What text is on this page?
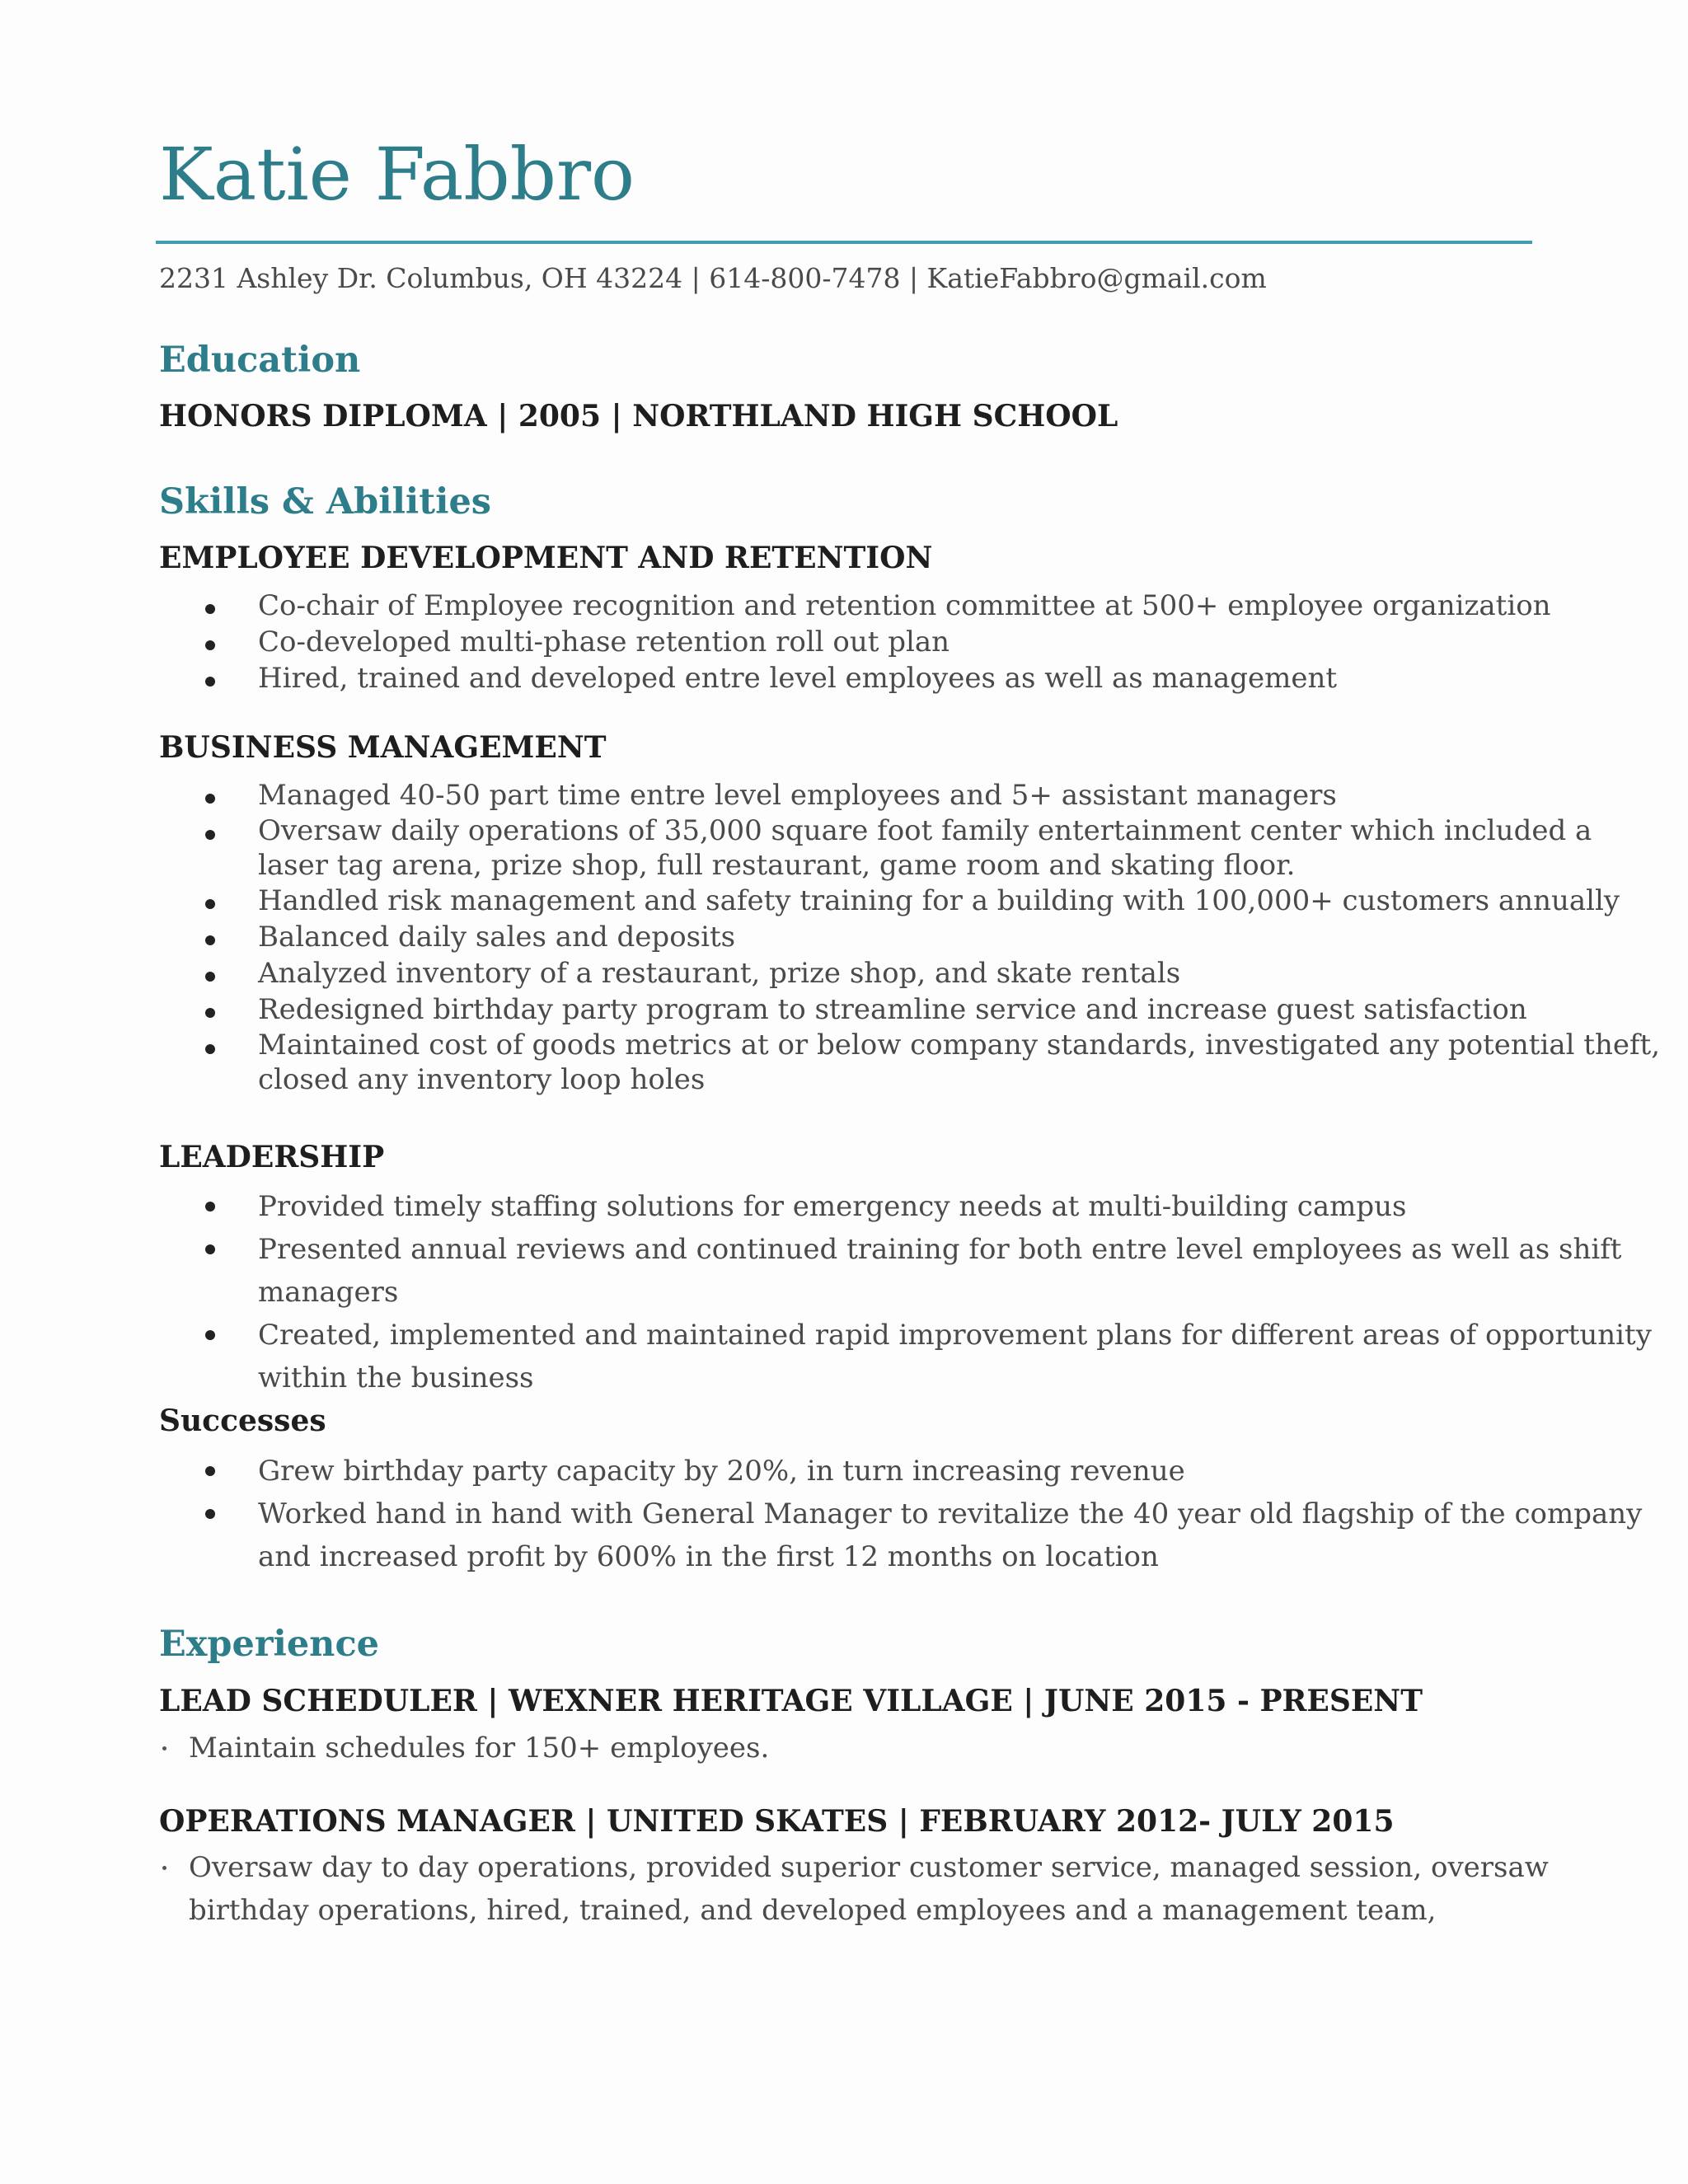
Katie Fabbro
2231 Ashley Dr. Columbus, OH 43224 | 614-800-7478 | KatieFabbro@gmail.com
Education
HONORS DIPLOMA | 2005 | NORTHLAND HIGH SCHOOL
Skills & Abilities
EMPLOYEE DEVELOPMENT AND RETENTION
Co-chair of Employee recognition and retention committee at 500+ employee organization
Co-developed multi-phase retention roll out plan
Hired, trained and developed entre level employees as well as management
BUSINESS MANAGEMENT
Managed 40-50 part time entre level employees and 5+ assistant managers
Oversaw daily operations of 35,000 square foot family entertainment center which included a
laser tag arena, prize shop, full restaurant, game room and skating floor.
Handled risk management and safety training for a building with 100,000+ customers annually
Balanced daily sales and deposits
Analyzed inventory of a restaurant, prize shop, and skate rentals
Redesigned birthday party program to streamline service and increase guest satisfaction
Maintained cost of goods metrics at or below company standards, investigated any potential theft,
closed any inventory loop holes
LEADERSHIP
Provided timely staffing solutions for emergency needs at multi-building campus
Presented annual reviews and continued training for both entre level employees as well as shift
managers
Created, implemented and maintained rapid improvement plans for different areas of opportunity
within the business
Successes
Grew birthday party capacity by 20%, in turn increasing revenue
Worked hand in hand with General Manager to revitalize the 40 year old flagship of the company
and increased profit by 600% in the first 12 months on location
Experience
LEAD SCHEDULER | WEXNER HERITAGE VILLAGE | JUNE 2015 - PRESENT
Maintain schedules for 150+ employees.
OPERATIONS MANAGER | UNITED SKATES | FEBRUARY 2012- JULY 2015
Oversaw day to day operations, provided superior customer service, managed session, oversaw
birthday operations, hired, trained, and developed employees and a management team,
